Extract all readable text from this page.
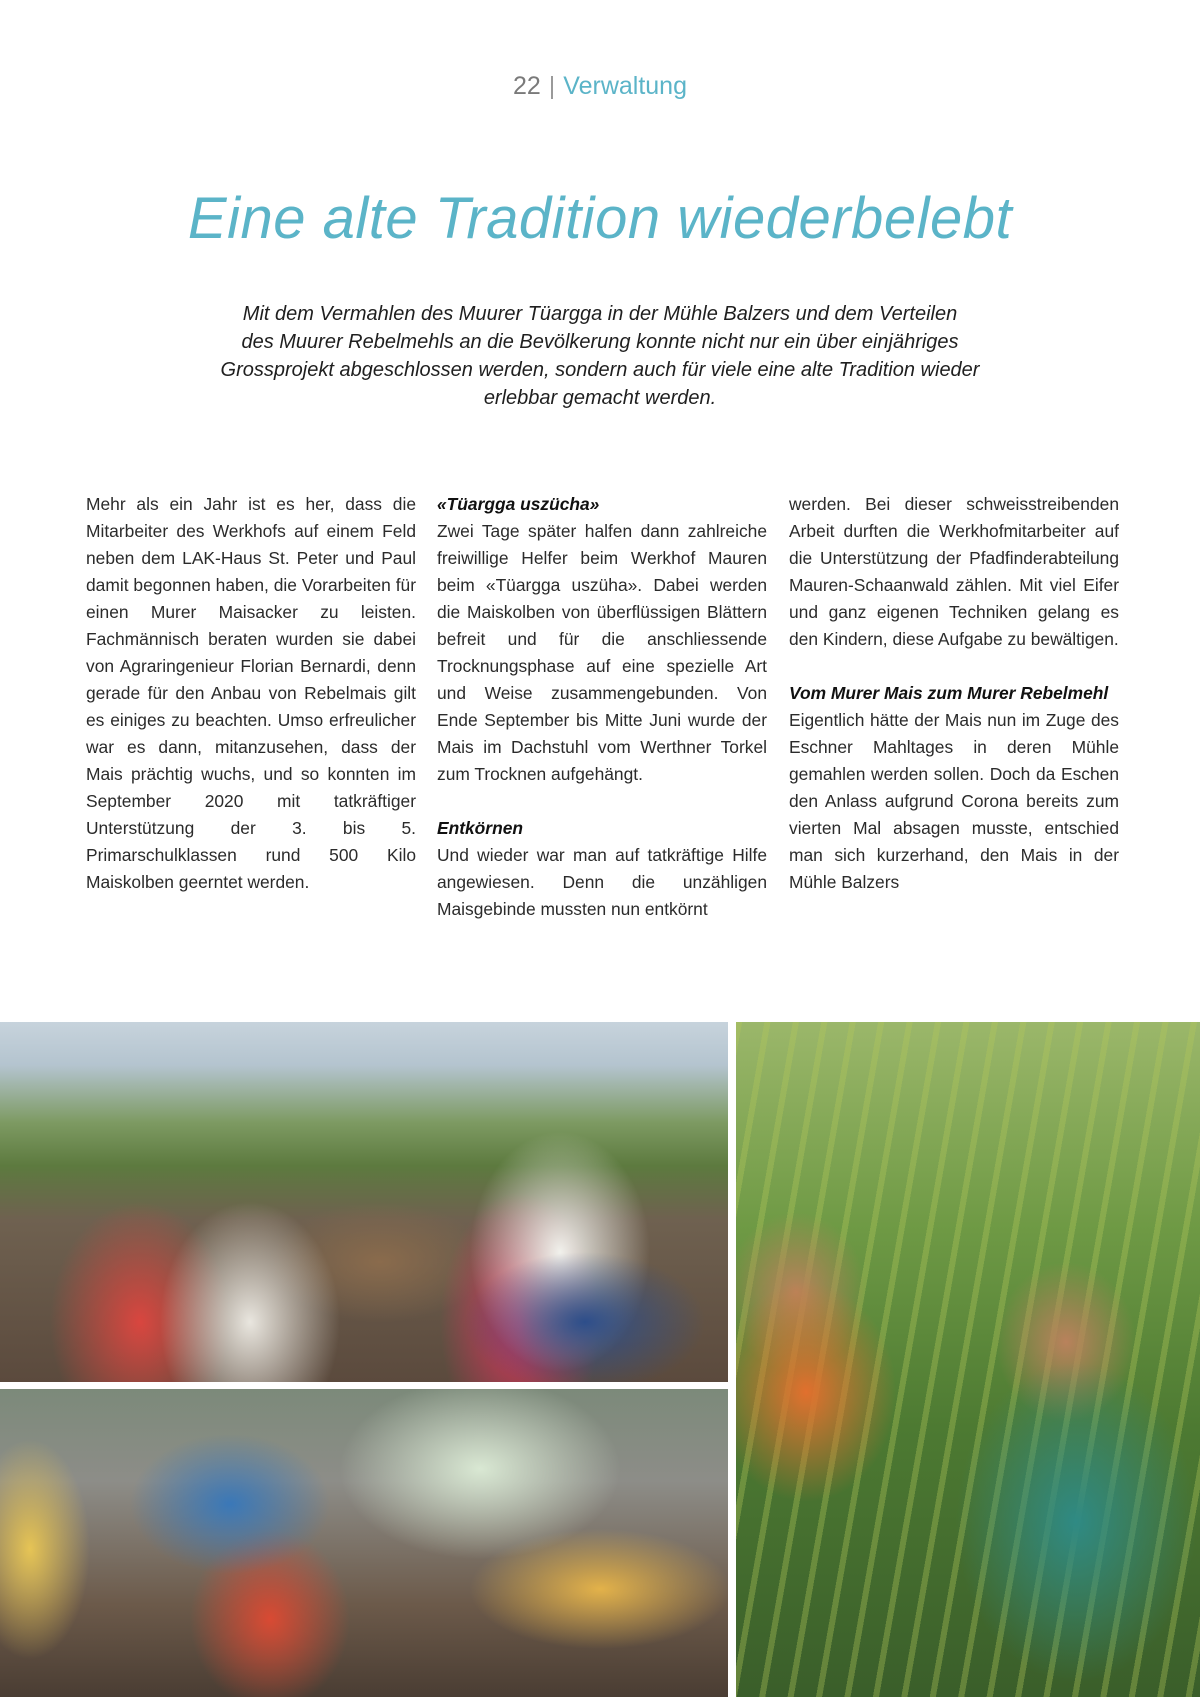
22 | Verwaltung
Eine alte Tradition wiederbelebt
Mit dem Vermahlen des Muurer Tüargga in der Mühle Balzers und dem Verteilen
des Muurer Rebelmehls an die Bevölkerung konnte nicht nur ein über einjähriges
Grossprojekt abgeschlossen werden, sondern auch für viele eine alte Tradition wieder
erlebbar gemacht werden.

Mehr als ein Jahr ist es her, dass die Mitarbeiter des Werkhofs auf einem Feld neben dem LAK-Haus St. Peter und Paul damit begonnen haben, die Vorarbeiten für einen Murer Maisacker zu leisten. Fachmännisch beraten wurden sie dabei von Agraringenieur Florian Bernardi, denn gerade für den Anbau von Rebelmais gilt es einiges zu beachten. Umso erfreulicher war es dann, mitanzusehen, dass der Mais prächtig wuchs, und so konnten im September 2020 mit tatkräftiger Unterstützung der 3. bis 5. Primarschulklassen rund 500 Kilo Maiskolben geerntet werden.

«Tüargga uszücha»

Zwei Tage später halfen dann zahlreiche freiwillige Helfer beim Werkhof Mauren beim «Tüargga uszüha». Dabei werden die Maiskolben von überflüssigen Blättern befreit und für die anschliessende Trocknungsphase auf eine spezielle Art und Weise zusammengebunden. Von Ende September bis Mitte Juni wurde der Mais im Dachstuhl vom Werthner Torkel zum Trocknen aufgehängt.

Entkörnen

Und wieder war man auf tatkräftige Hilfe angewiesen. Denn die unzähligen Maisgebinde mussten nun entkörnt

werden. Bei dieser schweisstreibenden Arbeit durften die Werkhofmitarbeiter auf die Unterstützung der Pfadfinderabteilung Mauren-Schaanwald zählen. Mit viel Eifer und ganz eigenen Techniken gelang es den Kindern, diese Aufgabe zu bewältigen.

Vom Murer Mais zum Murer Rebelmehl

Eigentlich hätte der Mais nun im Zuge des Eschner Mahltages in deren Mühle gemahlen werden sollen. Doch da Eschen den Anlass aufgrund Corona bereits zum vierten Mal absagen musste, entschied man sich kurzerhand, den Mais in der Mühle Balzers
